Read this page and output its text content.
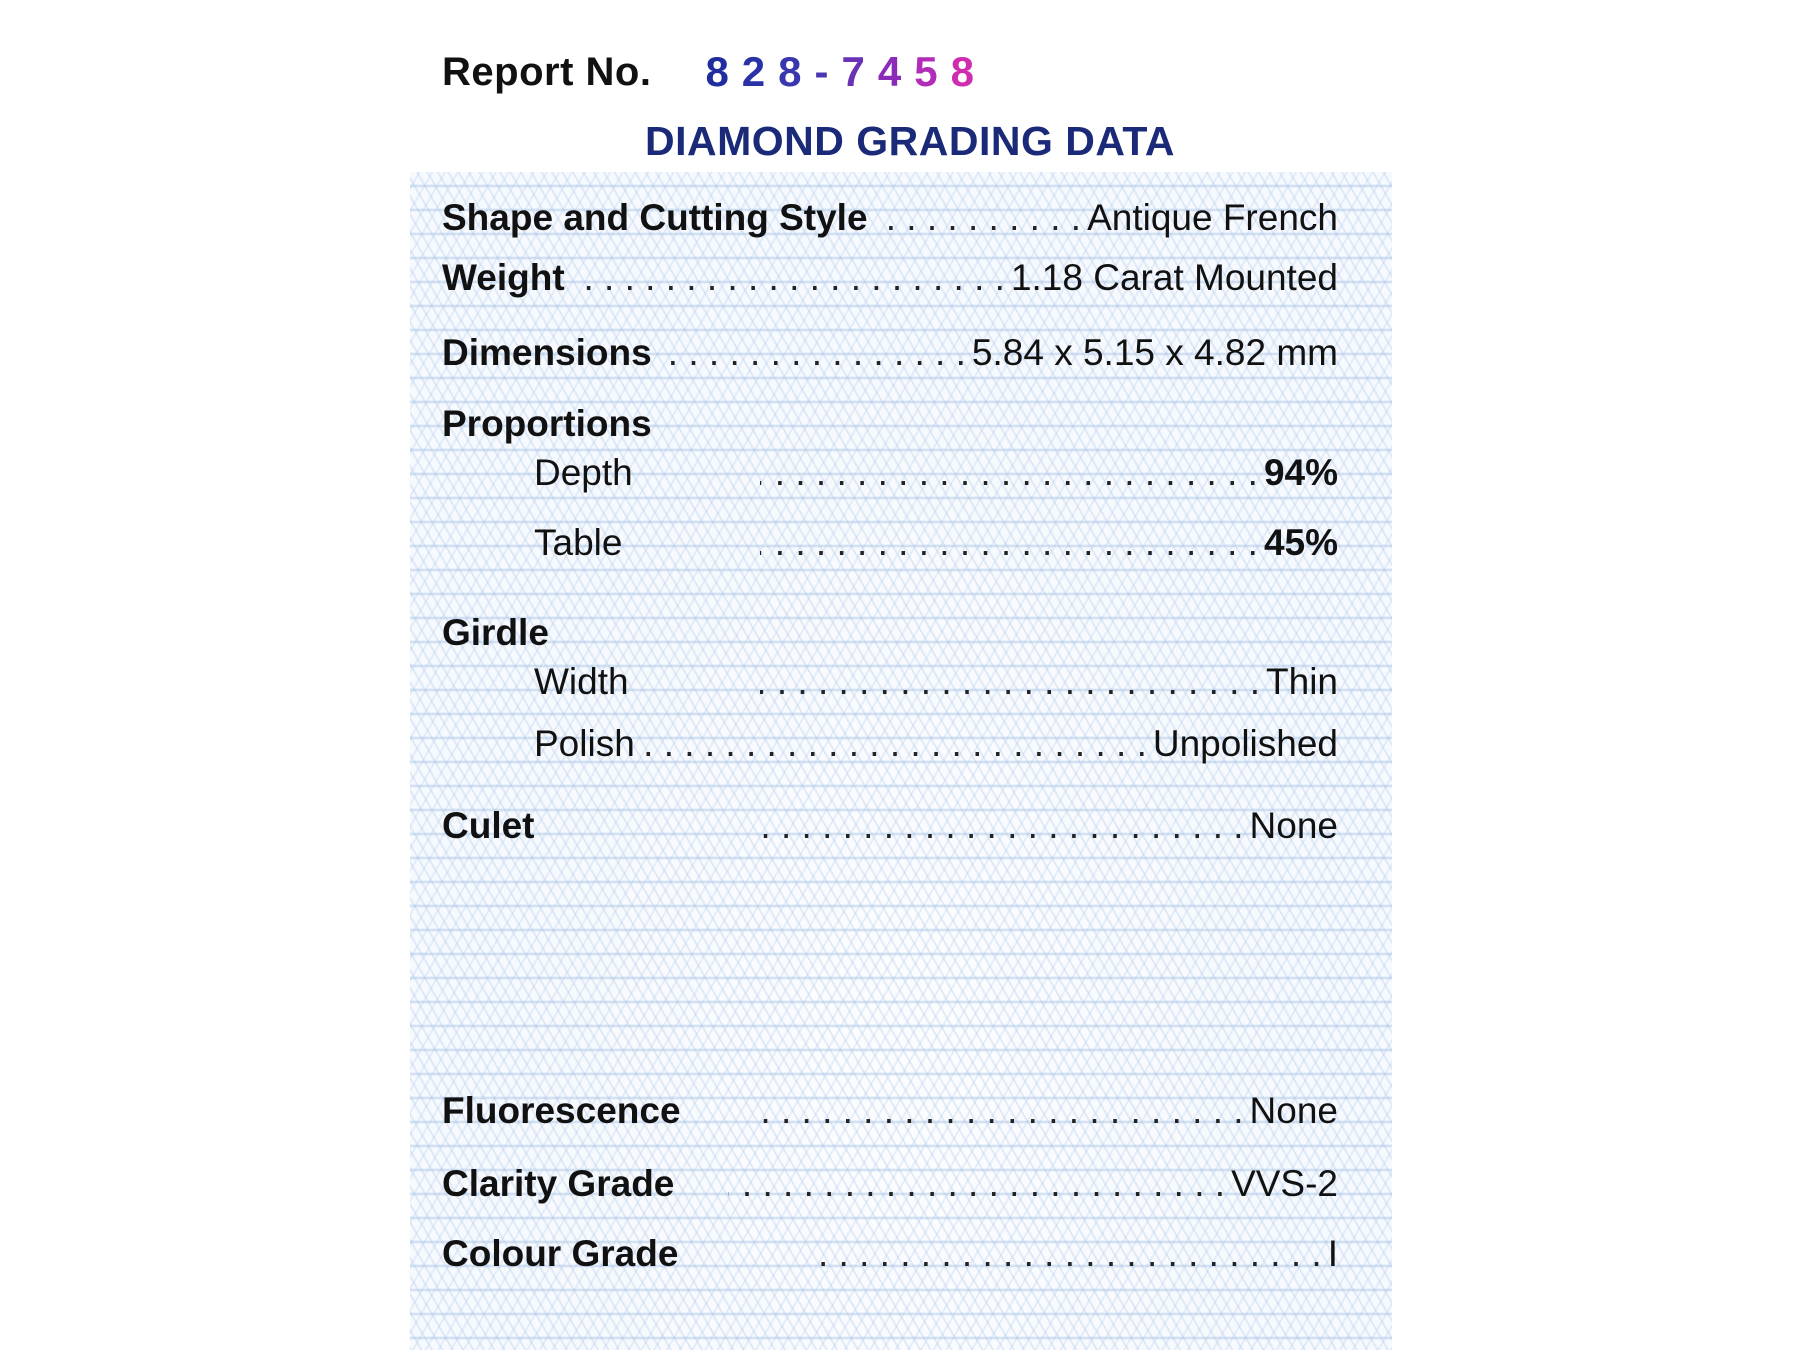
Report No. 8 2 8 - 7 4 5 8
DIAMOND GRADING DATA
Shape and Cutting Style . . .	Antique French
Weight . . .	1.18 Carat Mounted
Dimensions . . .	5.84 x 5.15 x 4.82 mm
Proportions
Depth . . .	94%
Table . . .	45%
Girdle
Width . . .	Thin
Polish . . .	Unpolished
Culet . . .	None
Fluorescence . . .	None
Clarity Grade . . .	VVS-2
Colour Grade . . .	I
